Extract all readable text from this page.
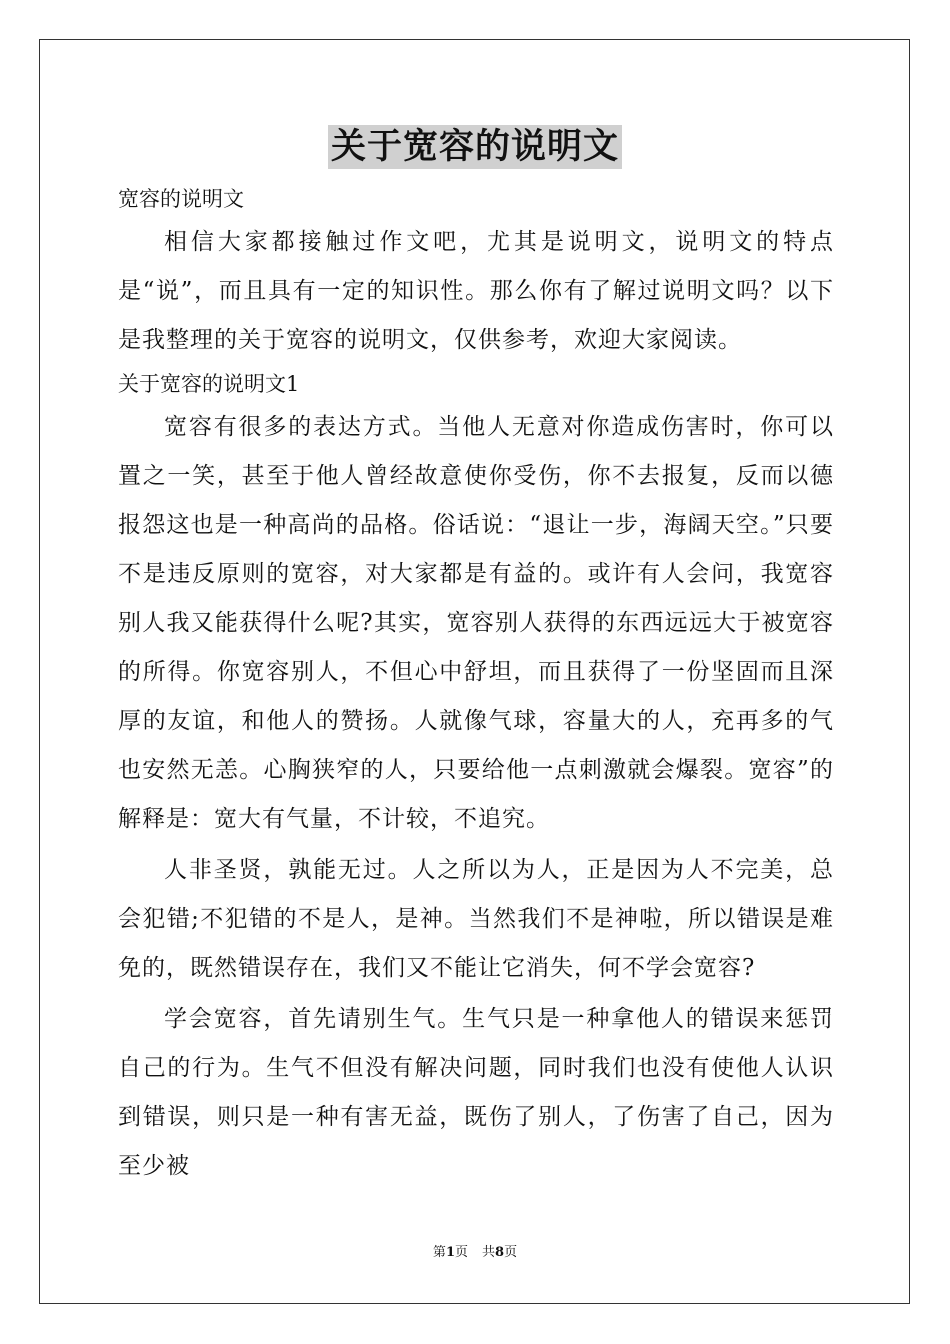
关于宽容的说明文

宽容的说明文

相信大家都接触过作文吧，尤其是说明文，说明文的特点是“说”，而且具有一定的知识性。那么你有了解过说明文吗？以下是我整理的关于宽容的说明文，仅供参考，欢迎大家阅读。

关于宽容的说明文1

宽容有很多的表达方式。当他人无意对你造成伤害时，你可以置之一笑，甚至于他人曾经故意使你受伤，你不去报复，反而以德报怨这也是一种高尚的品格。俗话说：“退让一步，海阔天空。”只要不是违反原则的宽容，对大家都是有益的。或许有人会问，我宽容别人我又能获得什么呢?其实，宽容别人获得的东西远远大于被宽容的所得。你宽容别人，不但心中舒坦，而且获得了一份坚固而且深厚的友谊，和他人的赞扬。人就像气球，容量大的人，充再多的气也安然无恙。心胸狭窄的人，只要给他一点刺激就会爆裂。宽容”的解释是：宽大有气量，不计较，不追究。

人非圣贤，孰能无过。人之所以为人，正是因为人不完美，总会犯错;不犯错的不是人，是神。当然我们不是神啦，所以错误是难免的，既然错误存在，我们又不能让它消失，何不学会宽容?

学会宽容，首先请别生气。生气只是一种拿他人的错误来惩罚自己的行为。生气不但没有解决问题，同时我们也没有使他人认识到错误，则只是一种有害无益，既伤了别人，了伤害了自己，因为至少被

第1页 共8页
